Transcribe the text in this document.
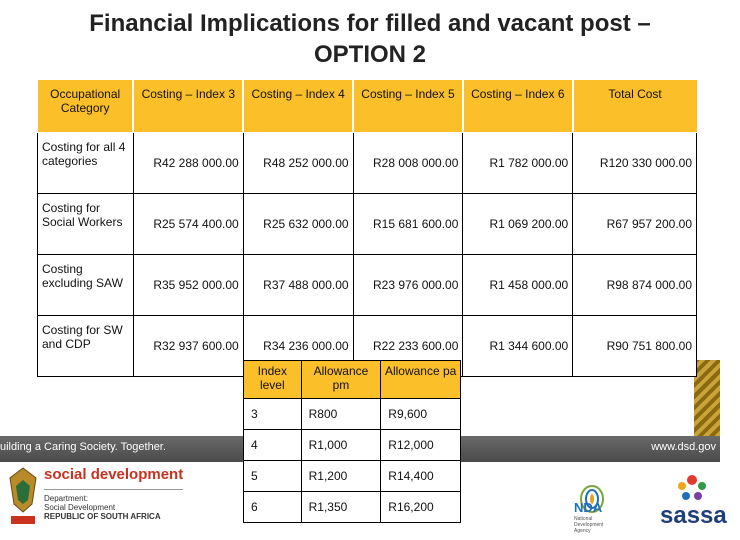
Financial Implications for filled and vacant post –
OPTION 2
Occupational Category	Costing – Index 3	Costing – Index 4	Costing – Index 5	Costing – Index 6	Total Cost
Costing for all 4 categories	R42 288 000.00	R48 252 000.00	R28 008 000.00	R1 782 000.00	R120 330 000.00
Costing for Social Workers	R25 574 400.00	R25 632 000.00	R15 681 600.00	R1 069 200.00	R67 957 200.00
Costing excluding SAW	R35 952 000.00	R37 488 000.00	R23 976 000.00	R1 458 000.00	R98 874 000.00
Costing for SW and CDP	R32 937 600.00	R34 236 000.00	R22 233 600.00	R1 344 600.00	R90 751 800.00
uilding a Caring Society. Together.	www.dsd.gov
Index level	Allowance pm	Allowance pa
3	R800	R9,600
4	R1,000	R12,000
5	R1,200	R14,400
6	R1,350	R16,200
social development
Department:
Social Development
REPUBLIC OF SOUTH AFRICA
NDA
National Development Agency
sassa
